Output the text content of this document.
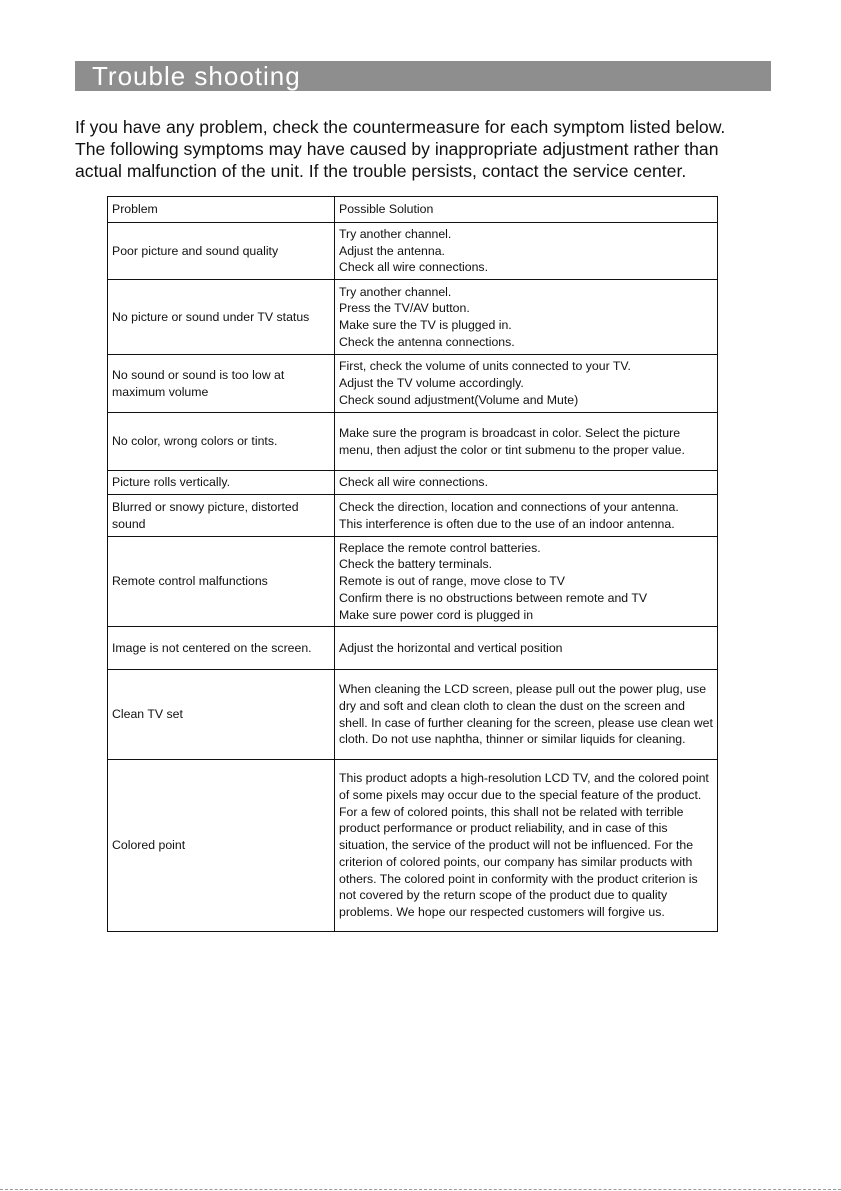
Trouble shooting

If you have any problem, check the countermeasure for each symptom listed below.
The following symptoms may have caused by inappropriate adjustment rather than
actual malfunction of the unit. If the trouble persists, contact the service center.

Problem	Possible Solution
Poor picture and sound quality	Try another channel.
Adjust the antenna.
Check all wire connections.

No picture or sound under TV status	Try another channel.
Press the TV/AV button.
Make sure the TV is plugged in.
Check the antenna connections.

No sound or sound is too low at maximum volume	First, check the volume of units connected to your TV.
Adjust the TV volume accordingly.
Check sound adjustment(Volume and Mute)

No color, wrong colors or tints.	Make sure the program is broadcast in color. Select the picture menu, then adjust the color or tint submenu to the proper value.

Picture rolls vertically.	Check all wire connections.

Blurred or snowy picture, distorted sound	Check the direction, location and connections of your antenna.
This interference is often due to the use of an indoor antenna.

Remote control malfunctions	Replace the remote control batteries.
Check the battery terminals.
Remote is out of range, move close to TV
Confirm there is no obstructions between remote and TV
Make sure power cord is plugged in

Image is not centered on the screen.	Adjust the horizontal and vertical position

Clean TV set	When cleaning the LCD screen, please pull out the power plug, use dry and soft and clean cloth to clean the dust on the screen and shell. In case of further cleaning for the screen, please use clean wet cloth. Do not use naphtha, thinner or similar liquids for cleaning.

Colored point	This product adopts a high-resolution LCD TV, and the colored point of some pixels may occur due to the special feature of the product. For a few of colored points, this shall not be related with terrible product performance or product reliability, and in case of this situation, the service of the product will not be influenced. For the criterion of colored points, our company has similar products with others. The colored point in conformity with the product criterion is not covered by the return scope of the product due to quality problems. We hope our respected customers will forgive us.
